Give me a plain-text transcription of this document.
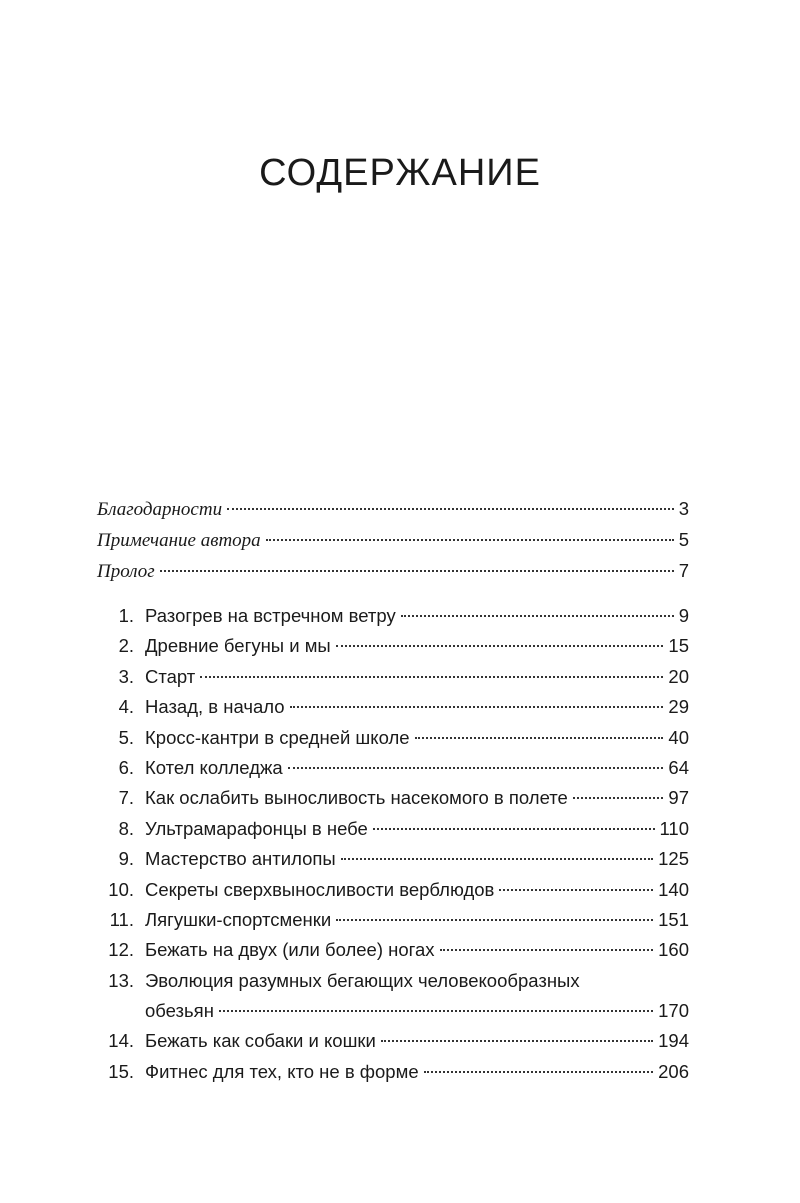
СОДЕРЖАНИЕ
Благодарности	3
Примечание автора	5
Пролог	7
1. Разогрев на встречном ветру	9
2. Древние бегуны и мы	15
3. Старт	20
4. Назад, в начало	29
5. Кросс-кантри в средней школе	40
6. Котел колледжа	64
7. Как ослабить выносливость насекомого в полете	97
8. Ультрамарафонцы в небе	110
9. Мастерство антилопы	125
10. Секреты сверхвыносливости верблюдов	140
11. Лягушки-спортсменки	151
12. Бежать на двух (или более) ногах	160
13. Эволюция разумных бегающих человекообразных
обезьян	170
14. Бежать как собаки и кошки	194
15. Фитнес для тех, кто не в форме	206
